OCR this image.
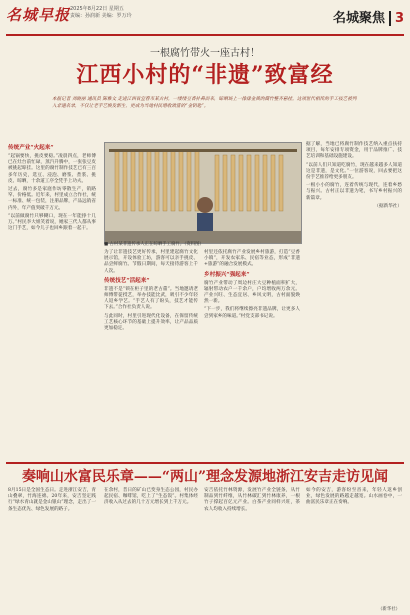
名城早报 2025年8月22日 星期五
责编：孙润新 美编：罗万玲	名城聚焦 3
一根腐竹带火一座古村！
江西小村的“非遗”致富经
本报记者 刘晓丽 通讯员 陈雅文 走进江西省宜春市某古村，一缕缕豆香扑鼻而来，晾晒场上一排排金黄的腐竹整齐悬挂。这项世代相传的手工技艺被列入非遗名录，不仅让老手艺焕发新生，更成为当地村民增收致富的“金钥匙”。
传统产业“火起来”

“起锅要快，挑皮要稳。”凌晨四点，老师傅已在灶台前忙碌，蒸汽升腾中，一张张豆皮被挑起晾挂。这里的腐竹制作技艺已有三百多年历史，选豆、浸泡、磨浆、煮浆、挑皮、晾晒，十余道工序全凭手上功夫。

过去，腐竹多是家庭作坊零散生产，销路窄、价格低。近年来，村里成立合作社，统一标准、统一包装，注册品牌，产品远销省内外，年产值突破千万元。

“以前做腐竹只够糊口，现在一年能挣十几万。”村民李大姐笑着说，她家三代人都从事这门手艺，如今儿子也回乡跟着一起干。

■ 古村某非遗传承人正在晾晒手工腐竹。（资料图）

为了让非遗技艺更好传承，村里建起腐竹文化展示馆，开设体验工坊，游客可以亲手挑皮、品尝鲜腐竹。节假日期间，每天接待游客上千人次。

传统技艺“活起来”

非遗不是“锁在柜子里的老古董”。当地邀请老师傅带徒授艺，举办技能比武，吸引不少年轻人返乡学艺。“手艺人有了盼头，技艺才能传下去。”合作社负责人说。

与此同时，村里引进现代化设备，在保留传统工艺核心环节的基础上提升效率，让产品品质更加稳定。

村里还依托腐竹产业发展乡村旅游，打造“豆香小镇”，开发农家乐、民宿等业态，形成“非遗+旅游”的融合发展模式。

乡村振兴“强起来”

腐竹产业带动了周边村庄大豆种植面积扩大，辐射带动农户一千余户，户均增收两万余元。产业兴旺、生态宜居、乡风文明，古村面貌焕然一新。

“下一步，我们将继续擦亮非遗品牌，让更多人尝到家乡的味道。”村党支部书记说。

据了解，当地已将腐竹制作技艺纳入重点扶持项目，每年安排专项资金，用于品牌推广、技艺培训和基础设施建设。

“以前人们只知道吃腐竹，现在越来越多人知道这是非遗，是文化。”一位游客说，回去要把这份手艺推荐给更多朋友。

一根小小的腐竹，连着传统与现代，连着乡愁与振兴。古村正以非遗为笔，书写乡村振兴的新篇章。

（据新华社）

奏响山水富民乐章——“两山”理念发源地浙江安吉走访见闻
8月15日是全国生态日。走进浙江安吉，青山叠翠，竹海连绵。20年来，安吉坚定践行“绿水青山就是金山银山”理念，走出了一条生态优先、绿色发展的路子。
在余村，昔日的矿山已变身生态公园，村民办起民宿、咖啡馆，吃上了“生态饭”。村集体经济收入从过去的几十万元增长到上千万元。
安吉依托竹林资源，发展竹产业全链条，从竹制品到竹纤维，从竹林碳汇到竹林康养，一根竹子撑起百亿元产业。白茶产业同样兴旺，茶农人均收入持续增长。
如今的安吉，游客纷至沓来，年轻人返乡创业，绿色发展的路越走越宽。山水画卷中，一曲富民乐章正在奏响。
（新华社）
